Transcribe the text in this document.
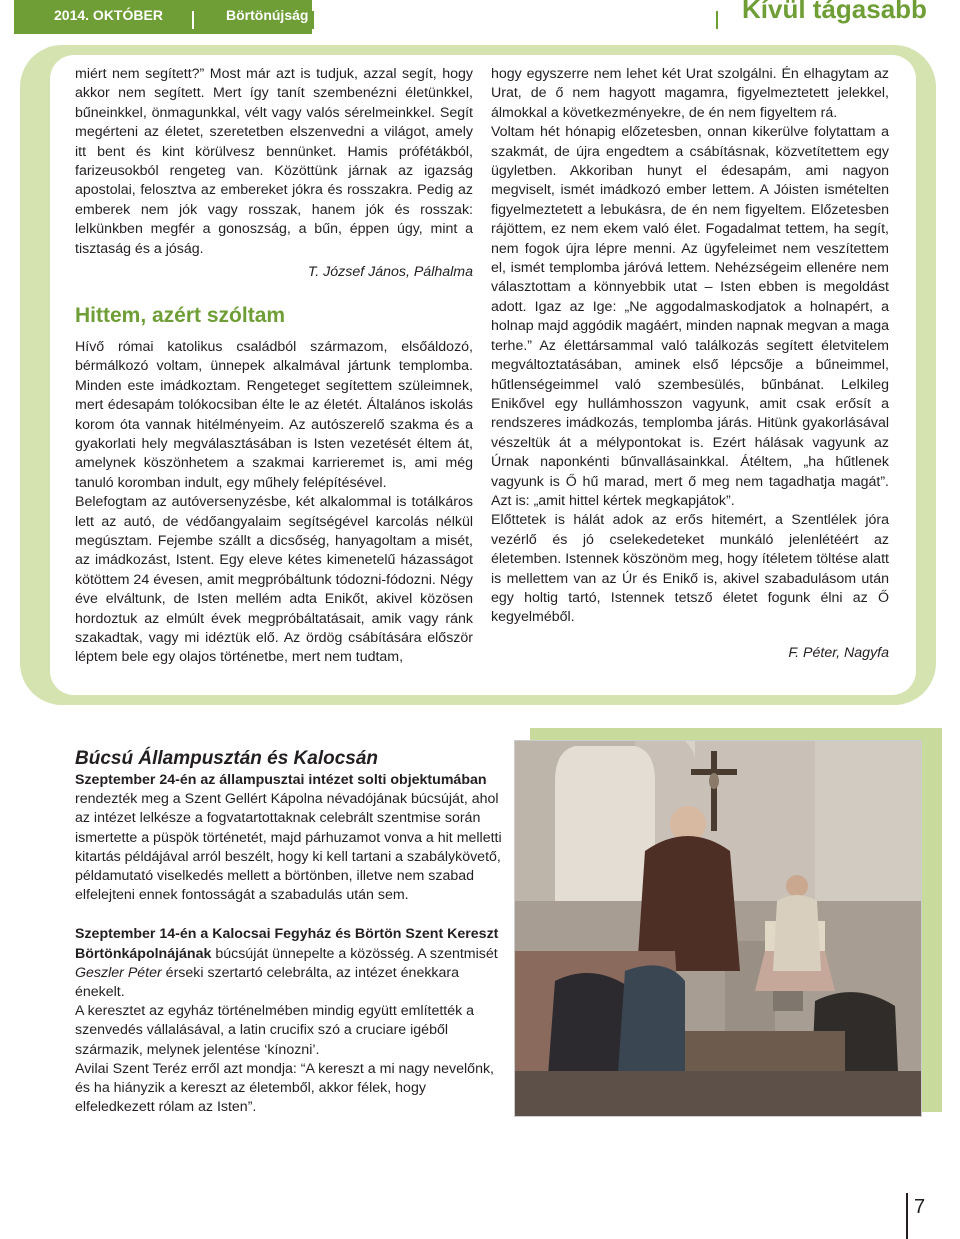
2014. OKTÓBER	Börtönújság	Kívül tágasabb

miért nem segített?” Most már azt is tudjuk, azzal segít, hogy akkor nem segített. Mert így tanít szembenézni életünkkel, bűneinkkel, önmagunkkal, vélt vagy valós sérelmeinkkel. Segít megérteni az életet, szeretetben elszenvedni a világot, amely itt bent és kint körülvesz bennünket. Hamis prófétákból, farizeusokból rengeteg van. Közöttünk járnak az igazság apostolai, felosztva az embereket jókra és rosszakra. Pedig az emberek nem jók vagy rosszak, hanem jók és rosszak: lelkünkben megfér a gonoszság, a bűn, éppen úgy, mint a tisztaság és a jóság.

T. József János, Pálhalma

Hittem, azért szóltam

Hívő római katolikus családból származom, elsőáldozó, bérmálkozó voltam, ünnepek alkalmával jártunk templomba. Minden este imádkoztam. Rengeteget segítettem szüleimnek, mert édesapám tolókocsiban élte le az életét. Általános iskolás korom óta vannak hitélményeim. Az autószerelő szakma és a gyakorlati hely megválasztásában is Isten vezetését éltem át, amelynek köszönhetem a szakmai karrieremet is, ami még tanuló koromban indult, egy műhely felépítésével.

Belefogtam az autóversenyzésbe, két alkalommal is totálkáros lett az autó, de védőangyalaim segítségével karcolás nélkül megúsztam. Fejembe szállt a dicsőség, hanyagoltam a misét, az imádkozást, Istent. Egy eleve kétes kimenetelű házasságot kötöttem 24 évesen, amit megpróbáltunk tódozni-fódozni. Négy éve elváltunk, de Isten mellém adta Enikőt, akivel közösen hordoztuk az elmúlt évek megpróbáltatásait, amik vagy ránk szakadtak, vagy mi idéztük elő. Az ördög csábítására először léptem bele egy olajos történetbe, mert nem tudtam,

hogy egyszerre nem lehet két Urat szolgálni. Én elhagytam az Urat, de ő nem hagyott magamra, figyelmeztetett jelekkel, álmokkal a következményekre, de én nem figyeltem rá.

Voltam hét hónapig előzetesben, onnan kikerülve folytattam a szakmát, de újra engedtem a csábításnak, közvetítettem egy ügyletben. Akkoriban hunyt el édesapám, ami nagyon megviselt, ismét imádkozó ember lettem. A Jóisten ismételten figyelmeztetett a lebukásra, de én nem figyeltem. Előzetesben rájöttem, ez nem ekem való élet. Fogadalmat tettem, ha segít, nem fogok újra lépre menni. Az ügyfeleimet nem veszítettem el, ismét templomba járóvá lettem. Nehézségeim ellenére nem választottam a könnyebbik utat – Isten ebben is megoldást adott. Igaz az Ige: „Ne aggodalmaskodjatok a holnapért, a holnap majd aggódik magáért, minden napnak megvan a maga terhe.” Az élettársammal való találkozás segített életvitelem megváltoztatásában, aminek első lépcsője a bűneimmel, hűtlenségeimmel való szembesülés, bűnbánat. Lelkileg Enikővel egy hullámhosszon vagyunk, amit csak erősít a rendszeres imádkozás, templomba járás. Hitünk gyakorlásával vészeltük át a mélypontokat is. Ezért hálásak vagyunk az Úrnak naponkénti bűnvallásainkkal. Átéltem, „ha hűtlenek vagyunk is Ő hű marad, mert ő meg nem tagadhatja magát”. Azt is: „amit hittel kértek megkapjátok”.

Előttetek is hálát adok az erős hitemért, a Szentlélek jóra vezérlő és jó cselekedeteket munkáló jelenlétéért az életemben. Istennek köszönöm meg, hogy ítéletem töltése alatt is mellettem van az Úr és Enikő is, akivel szabadulásom után egy holtig tartó, Istennek tetsző életet fogunk élni az Ő kegyelméből.

F. Péter, Nagyfa

Búcsú Állampusztán és Kalocsán

Szeptember 24-én az állampusztai intézet solti objektumában rendezték meg a Szent Gellért Kápolna névadójának búcsúját, ahol az intézet lelkésze a fogvatartottaknak celebrált szentmise során ismertette a püspök történetét, majd párhuzamot vonva a hit melletti kitartás példájával arról beszélt, hogy ki kell tartani a szabálykövető, példamutató viselkedés mellett a börtönben, illetve nem szabad elfelejteni ennek fontosságát a szabadulás után sem.

Szeptember 14-én a Kalocsai Fegyház és Börtön Szent Kereszt Börtönkápolnájának búcsúját ünnepelte a közösség. A szentmisét Geszler Péter érseki szertartó celebrálta, az intézet énekkara énekelt.

A keresztet az egyház történelmében mindig együtt említették a szenvedés vállalásával, a latin crucifix szó a cruciare igéből származik, melynek jelentése ‘kínozni’.

Avilai Szent Teréz erről azt mondja: “A kereszt a mi nagy nevelőnk, és ha hiányzik a kereszt az életemből, akkor félek, hogy elfeledkezett rólam az Isten”.

7
